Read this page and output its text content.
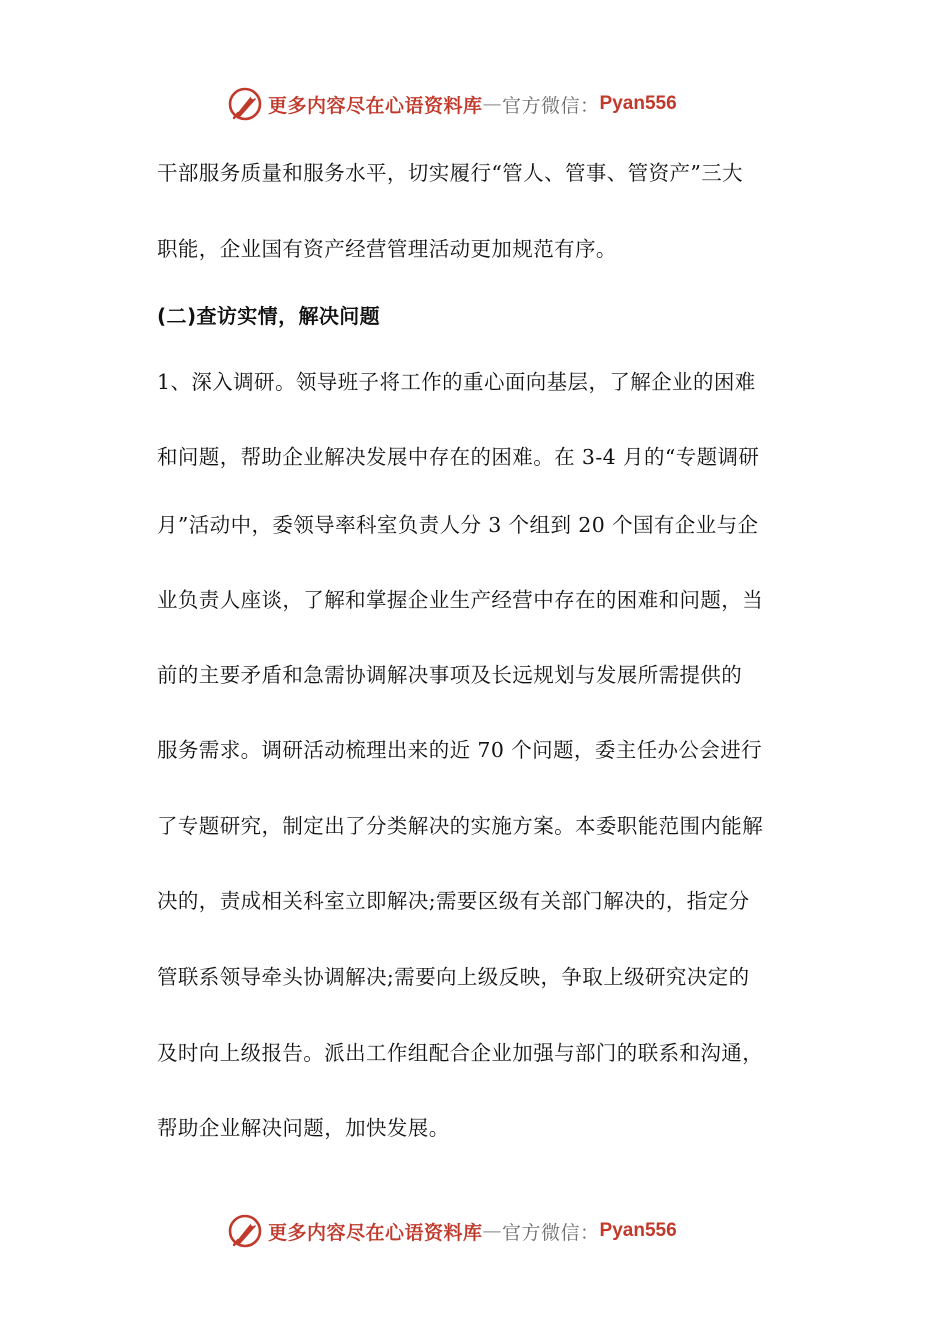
更多内容尽在心语资料库 — 官方微信： Pyan556
干部服务质量和服务水平，切实履行“管人、管事、管资产”三大
职能，企业国有资产经营管理活动更加规范有序。
(二)查访实情，解决问题
1、深入调研。领导班子将工作的重心面向基层，了解企业的困难
和问题，帮助企业解决发展中存在的困难。在 3-4 月的“专题调研
月”活动中，委领导率科室负责人分 3 个组到 20 个国有企业与企
业负责人座谈，了解和掌握企业生产经营中存在的困难和问题，当
前的主要矛盾和急需协调解决事项及长远规划与发展所需提供的
服务需求。调研活动梳理出来的近 70 个问题，委主任办公会进行
了专题研究，制定出了分类解决的实施方案。本委职能范围内能解
决的，责成相关科室立即解决;需要区级有关部门解决的，指定分
管联系领导牵头协调解决;需要向上级反映，争取上级研究决定的
及时向上级报告。派出工作组配合企业加强与部门的联系和沟通，
帮助企业解决问题，加快发展。
更多内容尽在心语资料库 — 官方微信： Pyan556
